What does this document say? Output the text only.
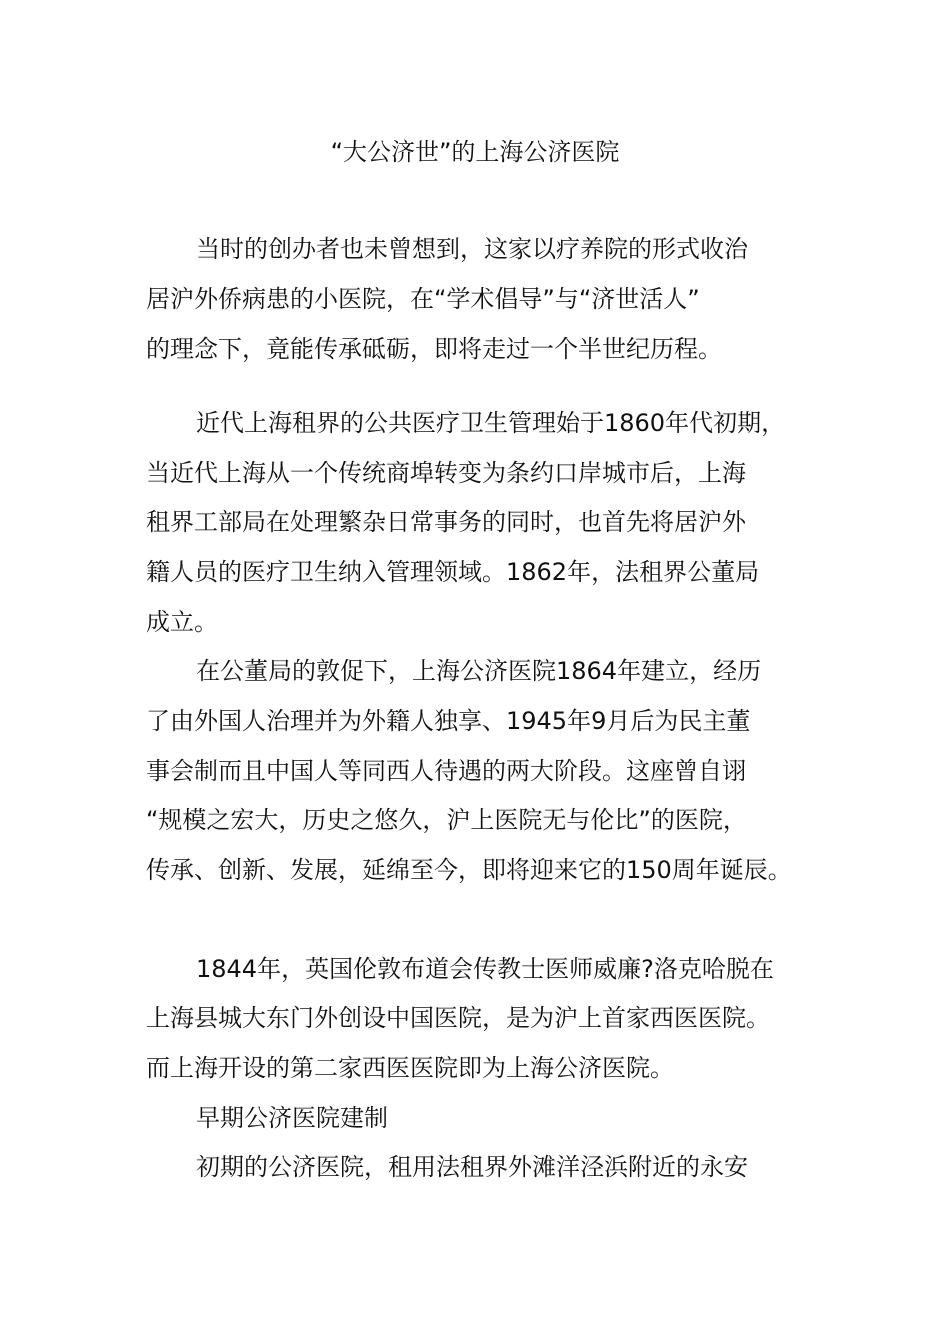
“大公济世”的上海公济医院
当时的创办者也未曾想到，这家以疗养院的形式收治
居沪外侨病患的小医院，在“学术倡导”与“济世活人”
的理念下，竟能传承砥砺，即将走过一个半世纪历程。
近代上海租界的公共医疗卫生管理始于1860年代初期，
当近代上海从一个传统商埠转变为条约口岸城市后，上海
租界工部局在处理繁杂日常事务的同时，也首先将居沪外
籍人员的医疗卫生纳入管理领域。1862年，法租界公董局
成立。
在公董局的敦促下，上海公济医院1864年建立，经历
了由外国人治理并为外籍人独享、1945年9月后为民主董
事会制而且中国人等同西人待遇的两大阶段。这座曾自诩
“规模之宏大，历史之悠久，沪上医院无与伦比”的医院，
传承、创新、发展，延绵至今，即将迎来它的150周年诞辰。
1844年，英国伦敦布道会传教士医师威廉?洛克哈脱在
上海县城大东门外创设中国医院，是为沪上首家西医医院。
而上海开设的第二家西医医院即为上海公济医院。
早期公济医院建制
初期的公济医院，租用法租界外滩洋泾浜附近的永安
